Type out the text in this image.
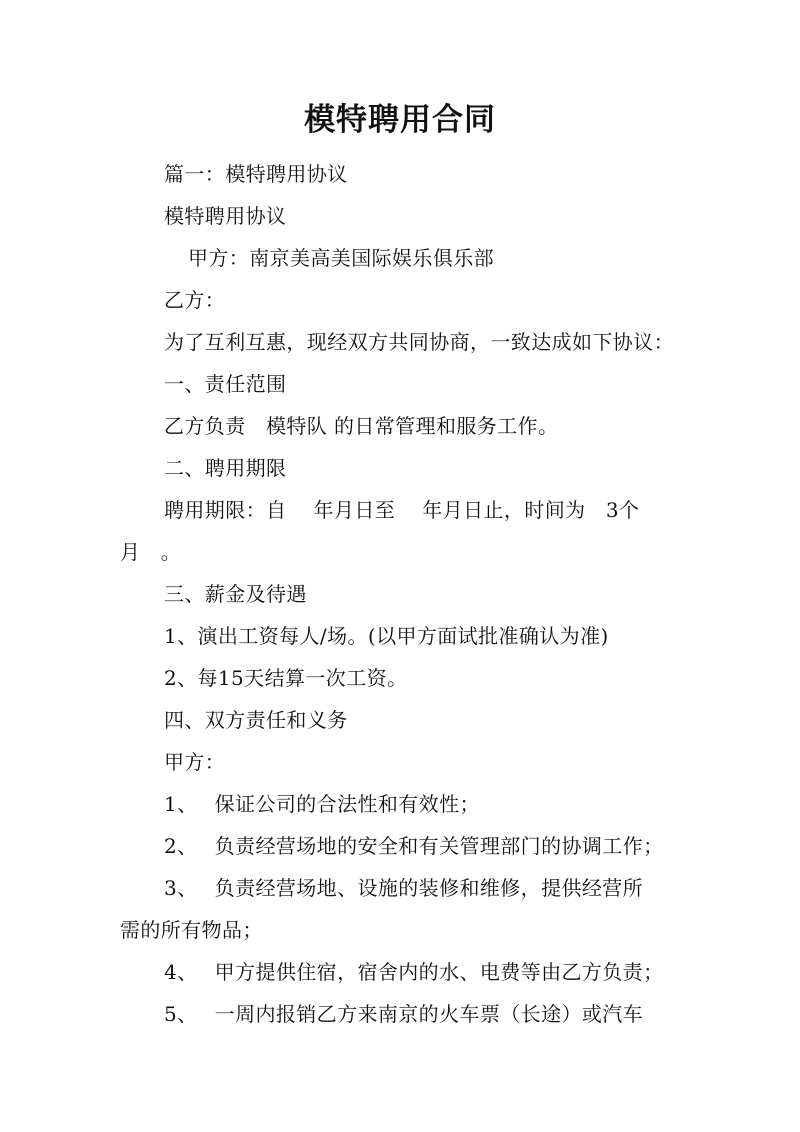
模特聘用合同
篇一：模特聘用协议
模特聘用协议
甲方：南京美高美国际娱乐俱乐部
乙方：
为了互利互惠，现经双方共同协商，一致达成如下协议：
一、责任范围
乙方负责　模特队 的日常管理和服务工作。
二、聘用期限
聘用期限：自　 年月日至　 年月日止，时间为　3个
月　。
三、薪金及待遇
1、演出工资每人/场。(以甲方面试批准确认为准)
2、每15天结算一次工资。
四、双方责任和义务
甲方：
1、　 保证公司的合法性和有效性；
2、　 负责经营场地的安全和有关管理部门的协调工作；
3、　 负责经营场地、设施的装修和维修，提供经营所
需的所有物品；
4、　 甲方提供住宿，宿舍内的水、电费等由乙方负责；
5、　 一周内报销乙方来南京的火车票（长途）或汽车
